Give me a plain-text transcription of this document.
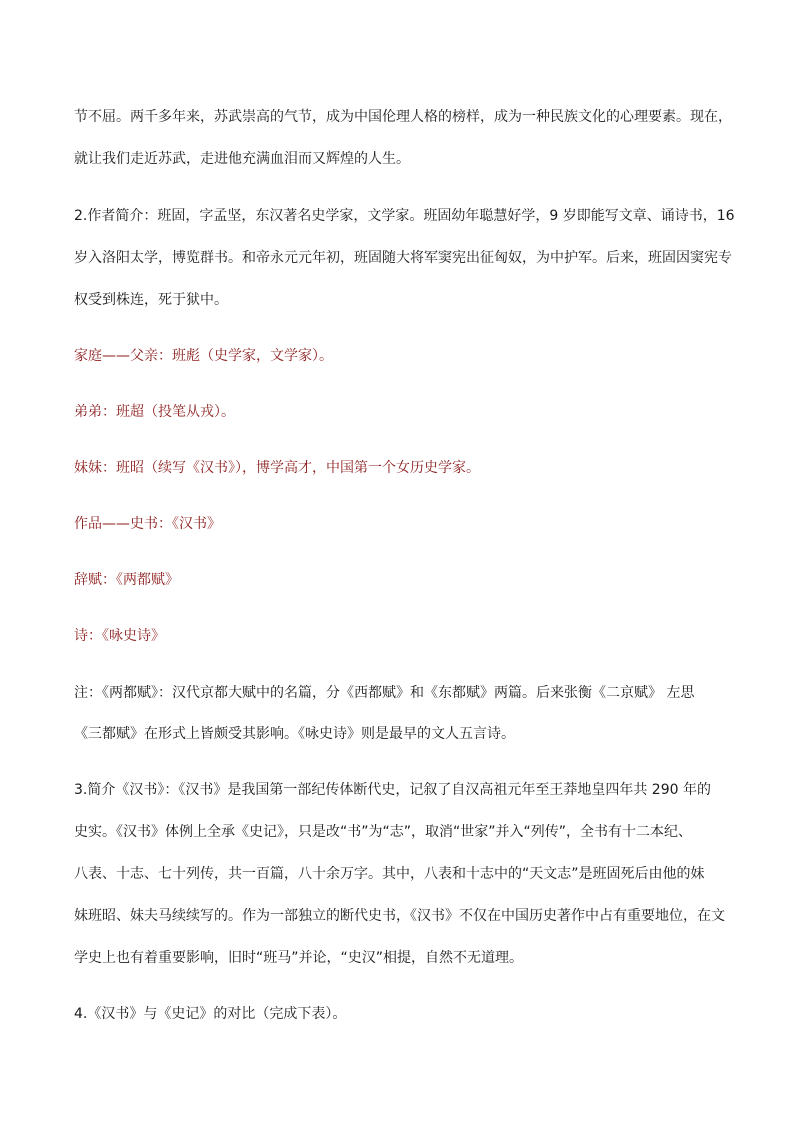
节不屈。两千多年来，苏武崇高的气节，成为中国伦理人格的榜样，成为一种民族文化的心理要素。现在，
就让我们走近苏武，走进他充满血泪而又辉煌的人生。
2.作者简介：班固，字孟坚，东汉著名史学家，文学家。班固幼年聪慧好学，9 岁即能写文章、诵诗书，16
岁入洛阳太学，博览群书。和帝永元元年初，班固随大将军窦宪出征匈奴，为中护军。后来，班固因窦宪专
权受到株连，死于狱中。
家庭——父亲：班彪（史学家，文学家）。
弟弟：班超（投笔从戎）。
妹妹：班昭（续写《汉书》），博学高才，中国第一个女历史学家。
作品——史书：《汉书》
辞赋：《两都赋》
诗：《咏史诗》
注：《两都赋》：汉代京都大赋中的名篇，分《西都赋》和《东都赋》两篇。后来张衡《二京赋》 左思
《三都赋》在形式上皆颇受其影响。《咏史诗》则是最早的文人五言诗。
3.简介《汉书》：《汉书》是我国第一部纪传体断代史，记叙了自汉高祖元年至王莽地皇四年共 290 年的
史实。《汉书》体例上全承《史记》，只是改“书”为“志”，取消“世家”并入“列传”，全书有十二本纪、
八表、十志、七十列传，共一百篇，八十余万字。其中，八表和十志中的“天文志”是班固死后由他的妹
妹班昭、妹夫马续续写的。作为一部独立的断代史书，《汉书》不仅在中国历史著作中占有重要地位，在文
学史上也有着重要影响，旧时“班马”并论，“史汉”相提，自然不无道理。
4.《汉书》与《史记》的对比（完成下表）。
